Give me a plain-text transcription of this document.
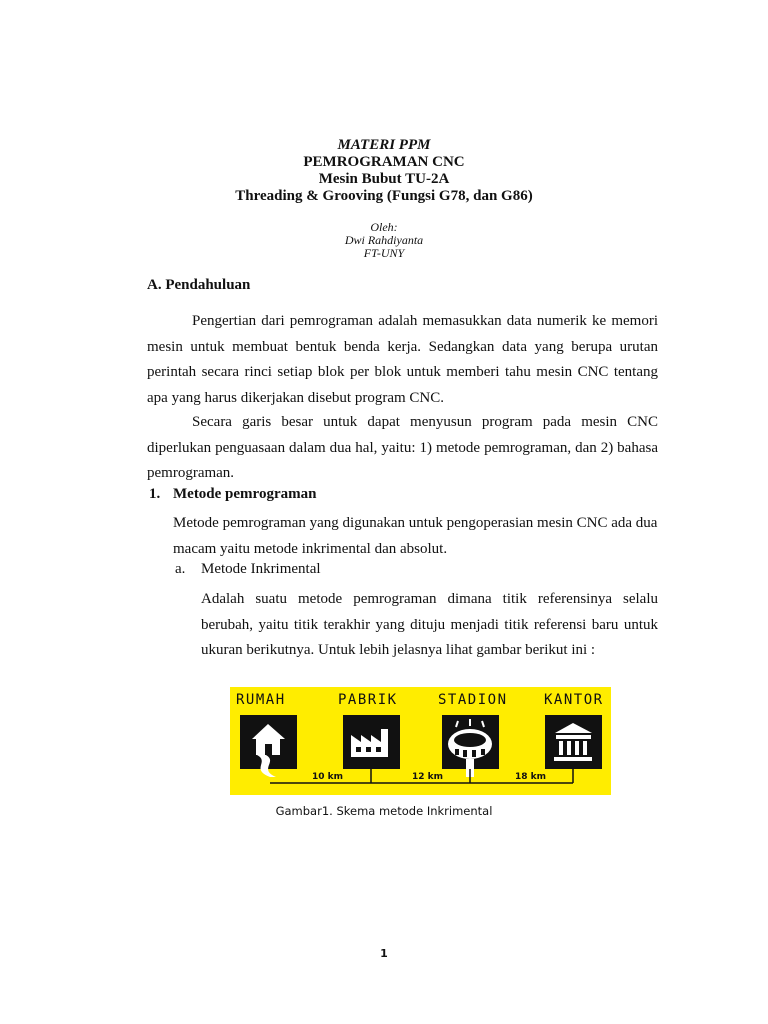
MATERI PPM
PEMROGRAMAN CNC
Mesin Bubut TU-2A
Threading & Grooving (Fungsi G78, dan G86)
Oleh:
Dwi Rahdiyanta
FT-UNY
A. Pendahuluan
Pengertian dari pemrograman adalah memasukkan data numerik ke memori mesin untuk membuat bentuk benda kerja. Sedangkan data yang berupa urutan perintah secara rinci setiap blok per blok untuk memberi tahu mesin CNC tentang apa yang harus dikerjakan disebut program CNC.
Secara garis besar untuk dapat menyusun program pada mesin CNC diperlukan penguasaan dalam dua hal, yaitu: 1) metode pemrograman, dan 2) bahasa pemrograman.
1. Metode pemrograman
Metode pemrograman yang digunakan untuk pengoperasian mesin CNC ada dua macam yaitu metode inkrimental dan absolut.
a. Metode Inkrimental
Adalah suatu metode pemrograman dimana titik referensinya selalu berubah, yaitu titik terakhir yang dituju menjadi titik referensi baru untuk ukuran berikutnya. Untuk lebih jelasnya lihat gambar berikut ini :
RUMAH	PABRIK	STADION	KANTOR
10 km	12 km	18 km
Gambar1. Skema metode Inkrimental
1
